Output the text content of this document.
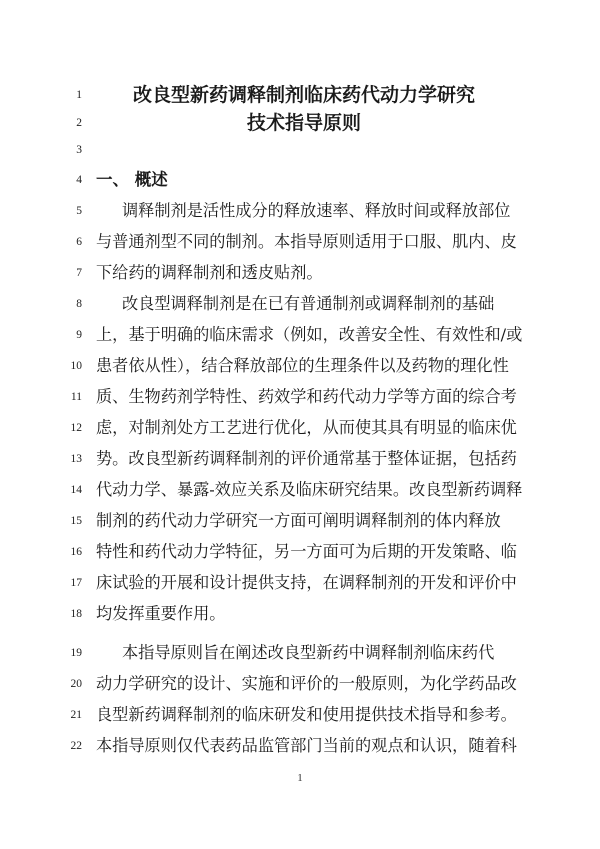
1	改良型新药调释制剂临床药代动力学研究
2	技术指导原则
3
4 一、 概述
5 调释制剂是活性成分的释放速率、释放时间或释放部位
6 与普通剂型不同的制剂。本指导原则适用于口服、肌内、皮
7 下给药的调释制剂和透皮贴剂。
8 改良型调释制剂是在已有普通制剂或调释制剂的基础
9 上，基于明确的临床需求（例如，改善安全性、有效性和/或
10 患者依从性），结合释放部位的生理条件以及药物的理化性
11 质、生物药剂学特性、药效学和药代动力学等方面的综合考
12 虑，对制剂处方工艺进行优化，从而使其具有明显的临床优
13 势。改良型新药调释制剂的评价通常基于整体证据，包括药
14 代动力学、暴露-效应关系及临床研究结果。改良型新药调释
15 制剂的药代动力学研究一方面可阐明调释制剂的体内释放
16 特性和药代动力学特征，另一方面可为后期的开发策略、临
17 床试验的开展和设计提供支持，在调释制剂的开发和评价中
18 均发挥重要作用。
19 本指导原则旨在阐述改良型新药中调释制剂临床药代
20 动力学研究的设计、实施和评价的一般原则，为化学药品改
21 良型新药调释制剂的临床研发和使用提供技术指导和参考。
22 本指导原则仅代表药品监管部门当前的观点和认识，随着科
1
